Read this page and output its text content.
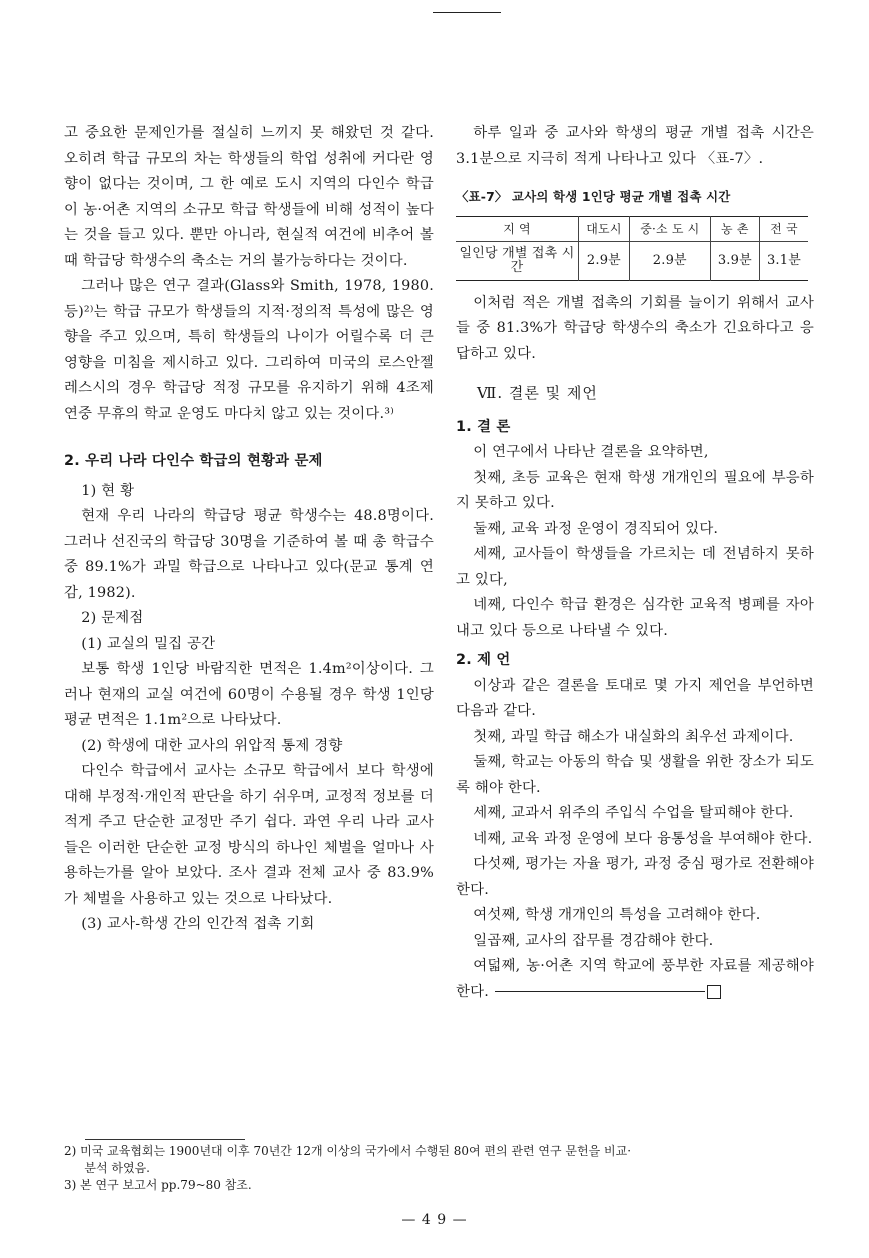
고 중요한 문제인가를 절실히 느끼지 못 해왔던 것 같다. 오히려 학급 규모의 차는 학생들의 학업 성취에 커다란 영향이 없다는 것이며, 그 한 예로 도시 지역의 다인수 학급이 농·어촌 지역의 소규모 학급 학생들에 비해 성적이 높다는 것을 들고 있다. 뿐만 아니라, 현실적 여건에 비추어 볼 때 학급당 학생수의 축소는 거의 불가능하다는 것이다.

그러나 많은 연구 결과(Glass와 Smith, 1978, 1980. 등)²⁾는 학급 규모가 학생들의 지적·정의적 특성에 많은 영향을 주고 있으며, 특히 학생들의 나이가 어릴수록 더 큰 영향을 미침을 제시하고 있다. 그리하여 미국의 로스안젤레스시의 경우 학급당 적정 규모를 유지하기 위해 4조제 연중 무휴의 학교 운영도 마다치 않고 있는 것이다.³⁾

2. 우리 나라 다인수 학급의 현황과 문제

1) 현 황

현재 우리 나라의 학급당 평균 학생수는 48.8명이다. 그러나 선진국의 학급당 30명을 기준하여 볼 때 총 학급수 중 89.1%가 과밀 학급으로 나타나고 있다(문교 통계 연감, 1982).

2) 문제점

(1) 교실의 밀집 공간

보통 학생 1인당 바람직한 면적은 1.4m²이상이다. 그러나 현재의 교실 여건에 60명이 수용될 경우 학생 1인당 평균 면적은 1.1m²으로 나타났다.

(2) 학생에 대한 교사의 위압적 통제 경향

다인수 학급에서 교사는 소규모 학급에서 보다 학생에 대해 부정적·개인적 판단을 하기 쉬우며, 교정적 정보를 더 적게 주고 단순한 교정만 주기 쉽다. 과연 우리 나라 교사들은 이러한 단순한 교정 방식의 하나인 체벌을 얼마나 사용하는가를 알아 보았다. 조사 결과 전체 교사 중 83.9%가 체벌을 사용하고 있는 것으로 나타났다.

(3) 교사-학생 간의 인간적 접촉 기회

하루 일과 중 교사와 학생의 평균 개별 접촉 시간은 3.1분으로 지극히 적게 나타나고 있다 〈표-7〉.

〈표-7〉 교사의 학생 1인당 평균 개별 접촉 시간
지 역	대도시	중·소 도 시	농 촌	전 국
일인당 개별 접촉 시간	2.9분	2.9분	3.9분	3.1분

이처럼 적은 개별 접촉의 기회를 늘이기 위해서 교사들 중 81.3%가 학급당 학생수의 축소가 긴요하다고 응답하고 있다.

Ⅶ. 결론 및 제언
1. 결 론

이 연구에서 나타난 결론을 요약하면,

첫째, 초등 교육은 현재 학생 개개인의 필요에 부응하지 못하고 있다.

둘째, 교육 과정 운영이 경직되어 있다.

세째, 교사들이 학생들을 가르치는 데 전념하지 못하고 있다,

네째, 다인수 학급 환경은 심각한 교육적 병폐를 자아내고 있다 등으로 나타낼 수 있다.

2. 제 언

이상과 같은 결론을 토대로 몇 가지 제언을 부언하면 다음과 같다.

첫째, 과밀 학급 해소가 내실화의 최우선 과제이다.

둘째, 학교는 아동의 학습 및 생활을 위한 장소가 되도록 해야 한다.

세째, 교과서 위주의 주입식 수업을 탈피해야 한다.

네째, 교육 과정 운영에 보다 융통성을 부여해야 한다.

다섯째, 평가는 자율 평가, 과정 중심 평가로 전환해야 한다.

여섯째, 학생 개개인의 특성을 고려해야 한다.

일곱째, 교사의 잡무를 경감해야 한다.

여덟째, 농·어촌 지역 학교에 풍부한 자료를 제공해야 한다.

2) 미국 교육협회는 1900년대 이후 70년간 12개 이상의 국가에서 수행된 80여 편의 관련 연구 문헌을 비교·

분석 하였음.

3) 본 연구 보고서 pp.79~80 참조.

— 4 9 —
